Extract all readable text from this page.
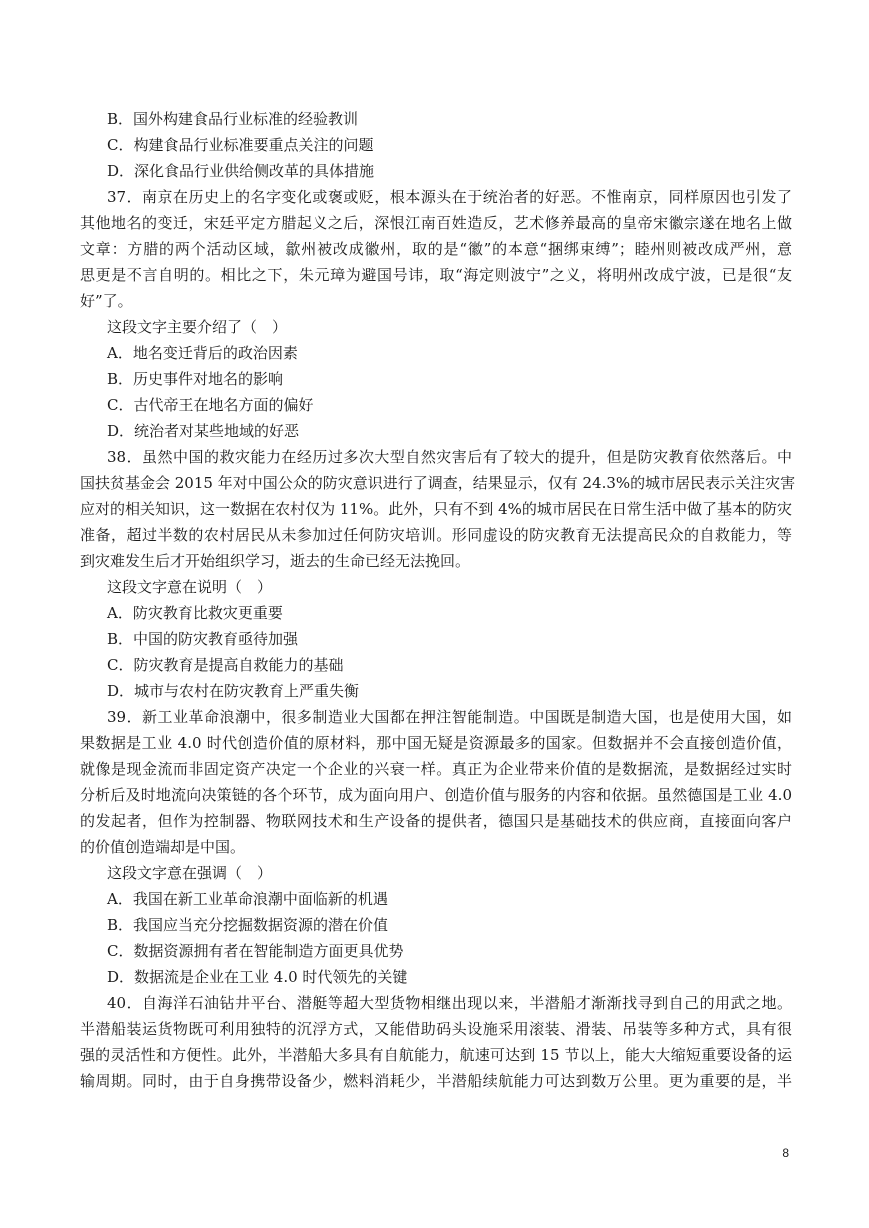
B．国外构建食品行业标准的经验教训
C．构建食品行业标准要重点关注的问题
D．深化食品行业供给侧改革的具体措施
37．南京在历史上的名字变化或褒或贬，根本源头在于统治者的好恶。不惟南京，同样原因也引发了
其他地名的变迁，宋廷平定方腊起义之后，深恨江南百姓造反，艺术修养最高的皇帝宋徽宗遂在地名上做
文章：方腊的两个活动区域，歙州被改成徽州，取的是“徽”的本意“捆绑束缚”；睦州则被改成严州，意
思更是不言自明的。相比之下，朱元璋为避国号讳，取“海定则波宁”之义，将明州改成宁波，已是很“友
好”了。
这段文字主要介绍了（　）
A．地名变迁背后的政治因素
B．历史事件对地名的影响
C．古代帝王在地名方面的偏好
D．统治者对某些地域的好恶
38．虽然中国的救灾能力在经历过多次大型自然灾害后有了较大的提升，但是防灾教育依然落后。中
国扶贫基金会 2015 年对中国公众的防灾意识进行了调查，结果显示，仅有 24.3%的城市居民表示关注灾害
应对的相关知识，这一数据在农村仅为 11%。此外，只有不到 4%的城市居民在日常生活中做了基本的防灾
准备，超过半数的农村居民从未参加过任何防灾培训。形同虚设的防灾教育无法提高民众的自救能力，等
到灾难发生后才开始组织学习，逝去的生命已经无法挽回。
这段文字意在说明（　）
A．防灾教育比救灾更重要
B．中国的防灾教育亟待加强
C．防灾教育是提高自救能力的基础
D．城市与农村在防灾教育上严重失衡
39．新工业革命浪潮中，很多制造业大国都在押注智能制造。中国既是制造大国，也是使用大国，如
果数据是工业 4.0 时代创造价值的原材料，那中国无疑是资源最多的国家。但数据并不会直接创造价值，
就像是现金流而非固定资产决定一个企业的兴衰一样。真正为企业带来价值的是数据流，是数据经过实时
分析后及时地流向决策链的各个环节，成为面向用户、创造价值与服务的内容和依据。虽然德国是工业 4.0
的发起者，但作为控制器、物联网技术和生产设备的提供者，德国只是基础技术的供应商，直接面向客户
的价值创造端却是中国。
这段文字意在强调（　）
A．我国在新工业革命浪潮中面临新的机遇
B．我国应当充分挖掘数据资源的潜在价值
C．数据资源拥有者在智能制造方面更具优势
D．数据流是企业在工业 4.0 时代领先的关键
40．自海洋石油钻井平台、潜艇等超大型货物相继出现以来，半潜船才渐渐找寻到自己的用武之地。
半潜船装运货物既可利用独特的沉浮方式，又能借助码头设施采用滚装、滑装、吊装等多种方式，具有很
强的灵活性和方便性。此外，半潜船大多具有自航能力，航速可达到 15 节以上，能大大缩短重要设备的运
输周期。同时，由于自身携带设备少，燃料消耗少，半潜船续航能力可达到数万公里。更为重要的是，半
8
